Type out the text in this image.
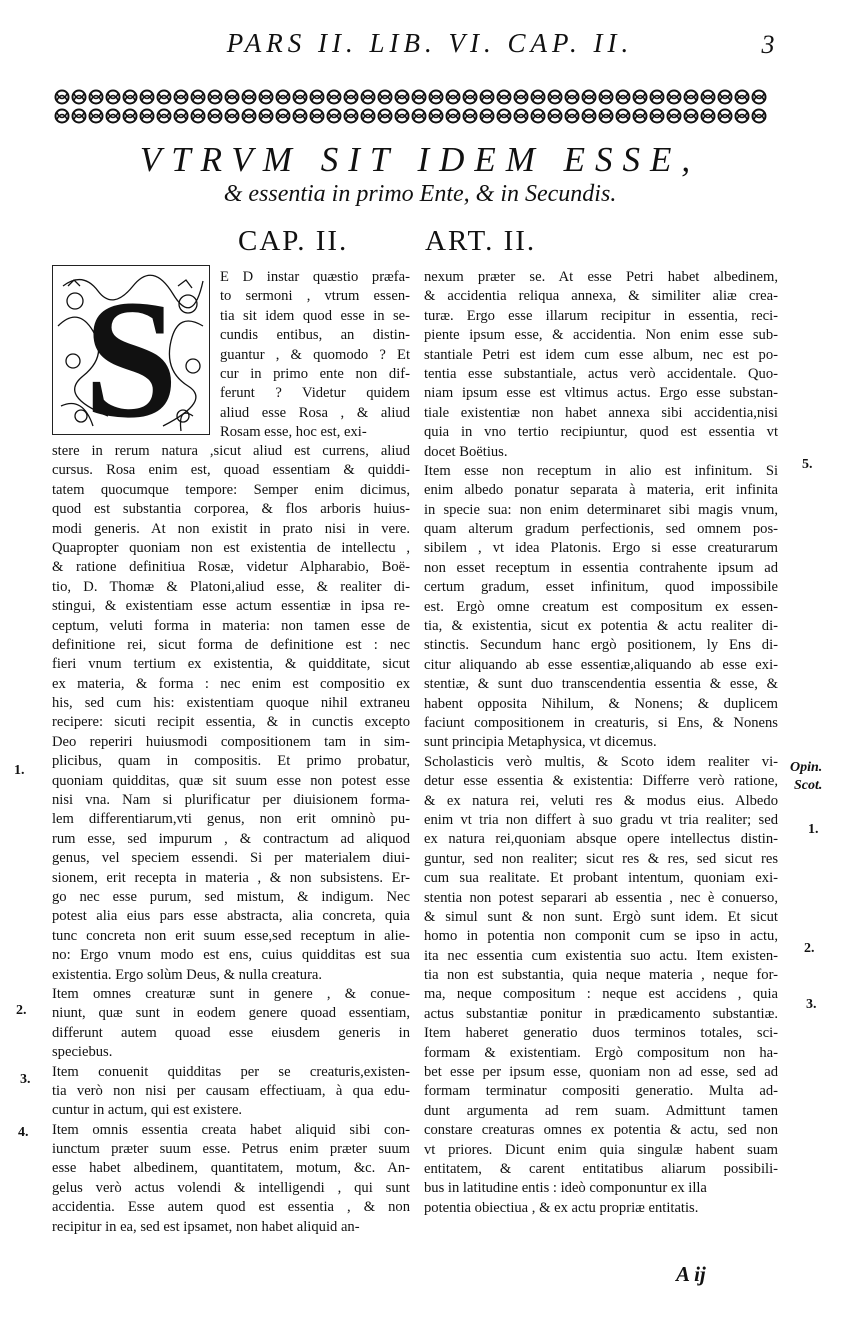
PARS II. LIB. VI. CAP. II.	3
VTRVM SIT IDEM ESSE,
& essentia in primo Ente, & in Secundis.
CAP. II.	ART. II.
S	E D instar quæstio præfa-
to sermoni , vtrum essen-
tia sit idem quod esse in se-
cundis entibus, an distin-
guantur , & quomodo ? Et
cur in primo ente non dif-
ferunt ? Videtur quidem
aliud esse Rosa , & aliud
Rosam esse, hoc est, exi-
stere in rerum natura ,sicut aliud est currens, aliud
cursus. Rosa enim est, quoad essentiam & quiddi-
tatem quocumque tempore: Semper enim dicimus,
quod est substantia corporea, & flos arboris huius-
modi generis. At non existit in prato nisi in vere.
Quapropter quoniam non est existentia de intellectu ,
& ratione definitiua Rosæ, videtur Alpharabio, Boë-
tio, D. Thomæ & Platoni,aliud esse, & realiter di-
stingui, & existentiam esse actum essentiæ in ipsa re-
ceptum, veluti forma in materia: non tamen esse de
definitione rei, sicut forma de definitione est : nec
fieri vnum tertium ex existentia, & quidditate, sicut
ex materia, & forma : nec enim est compositio ex
his, sed cum his: existentiam quoque nihil extraneu
recipere: sicuti recipit essentia, & in cunctis excepto
Deo reperiri huiusmodi compositionem tam in sim-
plicibus, quam in compositis. Et primo probatur,
quoniam quidditas, quæ sit suum esse non potest esse
nisi vna. Nam si plurificatur per diuisionem forma-
lem differentiarum,vti genus, non erit omninò pu-
rum esse, sed impurum , & contractum ad aliquod
genus, vel speciem essendi. Si per materialem diui-
sionem, erit recepta in materia , & non subsistens. Er-
go nec esse purum, sed mistum, & indigum. Nec
potest alia eius pars esse abstracta, alia concreta, quia
tunc concreta non erit suum esse,sed receptum in alie-
no: Ergo vnum modo est ens, cuius quidditas est sua
existentia. Ergo solùm Deus, & nulla creatura.
Item omnes creaturæ sunt in genere , & conue-
niunt, quæ sunt in eodem genere quoad essentiam,
differunt autem quoad esse eiusdem generis in
speciebus.
Item conuenit quidditas per se creaturis,existen-
tia verò non nisi per causam effectiuam, à qua edu-
cuntur in actum, qui est existere.
Item omnis essentia creata habet aliquid sibi con-
iunctum præter suum esse. Petrus enim præter suum
esse habet albedinem, quantitatem, motum, &c. An-
gelus verò actus volendi & intelligendi , qui sunt
accidentia. Esse autem quod est essentia , & non
recipitur in ea, sed est ipsamet, non habet aliquid an-
nexum præter se. At esse Petri habet albedinem,
& accidentia reliqua annexa, & similiter aliæ crea-
turæ. Ergo esse illarum recipitur in essentia, reci-
piente ipsum esse, & accidentia. Non enim esse sub-
stantiale Petri est idem cum esse album, nec est po-
tentia esse substantiale, actus verò accidentale. Quo-
niam ipsum esse est vltimus actus. Ergo esse substan-
tiale existentiæ non habet annexa sibi accidentia,nisi
quia in vno tertio recipiuntur, quod est essentia vt
docet Boëtius.
Item esse non receptum in alio est infinitum. Si
enim albedo ponatur separata à materia, erit infinita
in specie sua: non enim determinaret sibi magis vnum,
quam alterum gradum perfectionis, sed omnem pos-
sibilem , vt idea Platonis. Ergo si esse creaturarum
non esset receptum in essentia contrahente ipsum ad
certum gradum, esset infinitum, quod impossibile
est. Ergò omne creatum est compositum ex essen-
tia, & existentia, sicut ex potentia & actu realiter di-
stinctis. Secundum hanc ergò positionem, ly Ens di-
citur aliquando ab esse essentiæ,aliquando ab esse exi-
stentiæ, & sunt duo transcendentia essentia & esse, &
habent opposita Nihilum, & Nonens; & duplicem
faciunt compositionem in creaturis, si Ens, & Nonens
sunt principia Metaphysica, vt dicemus.
Scholasticis verò multis, & Scoto idem realiter vi-
detur esse essentia & existentia: Differre verò ratione,
& ex natura rei, veluti res & modus eius. Albedo
enim vt tria non differt à suo gradu vt tria realiter; sed
ex natura rei,quoniam absque opere intellectus distin-
guntur, sed non realiter; sicut res & res, sed sicut res
cum sua realitate. Et probant intentum, quoniam exi-
stentia non potest separari ab essentia , nec è conuerso,
& simul sunt & non sunt. Ergò sunt idem. Et sicut
homo in potentia non componit cum se ipso in actu,
ita nec essentia cum existentia suo actu. Item existen-
tia non est substantia, quia neque materia , neque for-
ma, neque compositum : neque est accidens , quia
actus substantiæ ponitur in prædicamento substantiæ.
Item haberet generatio duos terminos totales, sci-
formam & existentiam. Ergò compositum non ha-
bet esse per ipsum esse, quoniam non ad esse, sed ad
formam terminatur compositi generatio. Multa ad-
dunt argumenta ad rem suam. Admittunt tamen
constare creaturas omnes ex potentia & actu, sed non
vt priores. Dicunt enim quia singulæ habent suam
entitatem, & carent entitatibus aliarum possibili-
bus in latitudine entis : ideò componuntur ex illa
potentia obiectiua , & ex actu propriæ entitatis.
1.
2.
3.
4.
5.
Opin.
Scot.
1.
2.
3.
A ij
